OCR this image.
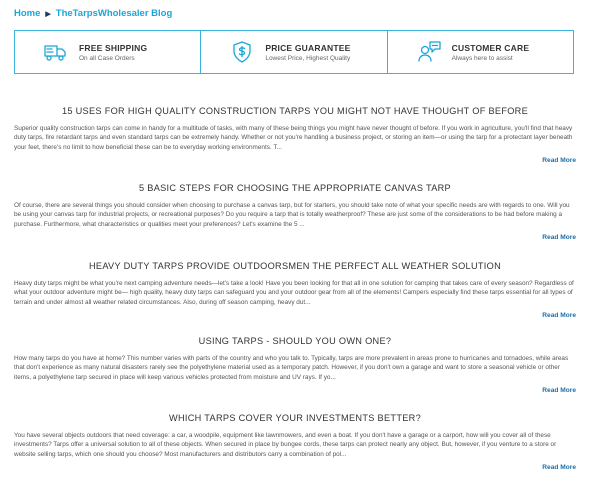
Home ▶ TheTarpsWholesaler Blog
FREE SHIPPING
On all Case Orders
PRICE GUARANTEE
Lowest Price, Highest Quality
CUSTOMER CARE
Always here to assist
15 USES FOR HIGH QUALITY CONSTRUCTION TARPS YOU MIGHT NOT HAVE THOUGHT OF BEFORE

Superior quality construction tarps can come in handy for a multitude of tasks, with many of these being things you might have never thought of before. If you work in agriculture, you'll find that heavy duty tarps, fire retardant tarps and even standard tarps can be extremely handy. Whether or not you're handling a business project, or storing an item—or using the tarp for a protectant layer beneath your feet, there's no limit to how beneficial these can be to everyday working environments. T...

Read More
5 BASIC STEPS FOR CHOOSING THE APPROPRIATE CANVAS TARP

Of course, there are several things you should consider when choosing to purchase a canvas tarp, but for starters, you should take note of what your specific needs are with regards to one. Will you be using your canvas tarp for industrial projects, or recreational purposes? Do you require a tarp that is totally weatherproof? These are just some of the considerations to be had before making a purchase. Furthermore, what characteristics or qualities meet your preferences? Let's examine the 5 ...

Read More
HEAVY DUTY TARPS PROVIDE OUTDOORSMEN THE PERFECT ALL WEATHER SOLUTION

Heavy duty tarps might be what you're next camping adventure needs—let's take a look! Have you been looking for that all in one solution for camping that takes care of every season? Regardless of what your outdoor adventure might be— high quality, heavy duty tarps can safeguard you and your outdoor gear from all of the elements! Campers especially find these tarps essential for all types of terrain and under almost all weather related circumstances. Also, during off season camping, heavy dut...

Read More
USING TARPS - SHOULD YOU OWN ONE?

How many tarps do you have at home? This number varies with parts of the country and who you talk to. Typically, tarps are more prevalent in areas prone to hurricanes and tornadoes, while areas that don't experience as many natural disasters rarely see the polyethylene material used as a temporary patch. However, if you don't own a garage and want to store a seasonal vehicle or other items, a polyethylene tarp secured in place will keep various vehicles protected from moisture and UV rays. If yo...

Read More
WHICH TARPS COVER YOUR INVESTMENTS BETTER?

You have several objects outdoors that need coverage: a car, a woodpile, equipment like lawnmowers, and even a boat. If you don't have a garage or a carport, how will you cover all of these investments? Tarps offer a universal solution to all of these objects. When secured in place by bungee cords, these tarps can protect nearly any object. But, however, if you venture to a store or website selling tarps, which one should you choose? Most manufacturers and distributors carry a combination of pol...

Read More
